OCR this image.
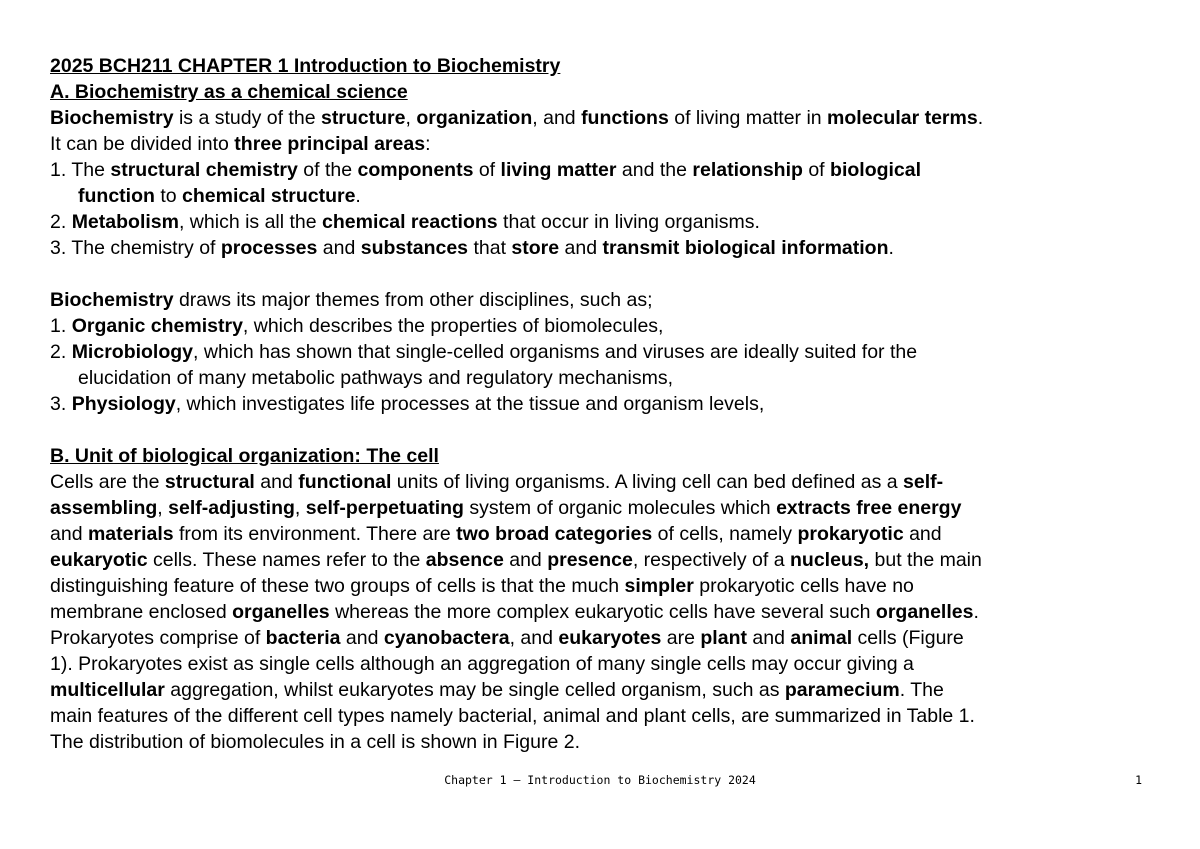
2025 BCH211 CHAPTER 1 Introduction to Biochemistry
A. Biochemistry as a chemical science
Biochemistry is a study of the structure, organization, and functions of living matter in molecular terms.
It can be divided into three principal areas:
1. The structural chemistry of the components of living matter and the relationship of biological
function to chemical structure.
2. Metabolism, which is all the chemical reactions that occur in living organisms.
3. The chemistry of processes and substances that store and transmit biological information.
Biochemistry draws its major themes from other disciplines, such as;
1. Organic chemistry, which describes the properties of biomolecules,
2. Microbiology, which has shown that single-celled organisms and viruses are ideally suited for the
elucidation of many metabolic pathways and regulatory mechanisms,
3. Physiology, which investigates life processes at the tissue and organism levels,
B. Unit of biological organization: The cell
Cells are the structural and functional units of living organisms. A living cell can bed defined as a self-
assembling, self-adjusting, self-perpetuating system of organic molecules which extracts free energy
and materials from its environment. There are two broad categories of cells, namely prokaryotic and
eukaryotic cells. These names refer to the absence and presence, respectively of a nucleus, but the main
distinguishing feature of these two groups of cells is that the much simpler prokaryotic cells have no
membrane enclosed organelles whereas the more complex eukaryotic cells have several such organelles.
Prokaryotes comprise of bacteria and cyanobactera, and eukaryotes are plant and animal cells (Figure
1). Prokaryotes exist as single cells although an aggregation of many single cells may occur giving a
multicellular aggregation, whilst eukaryotes may be single celled organism, such as paramecium. The
main features of the different cell types namely bacterial, animal and plant cells, are summarized in Table 1.
The distribution of biomolecules in a cell is shown in Figure 2.
Chapter 1 – Introduction to Biochemistry 2024	1
